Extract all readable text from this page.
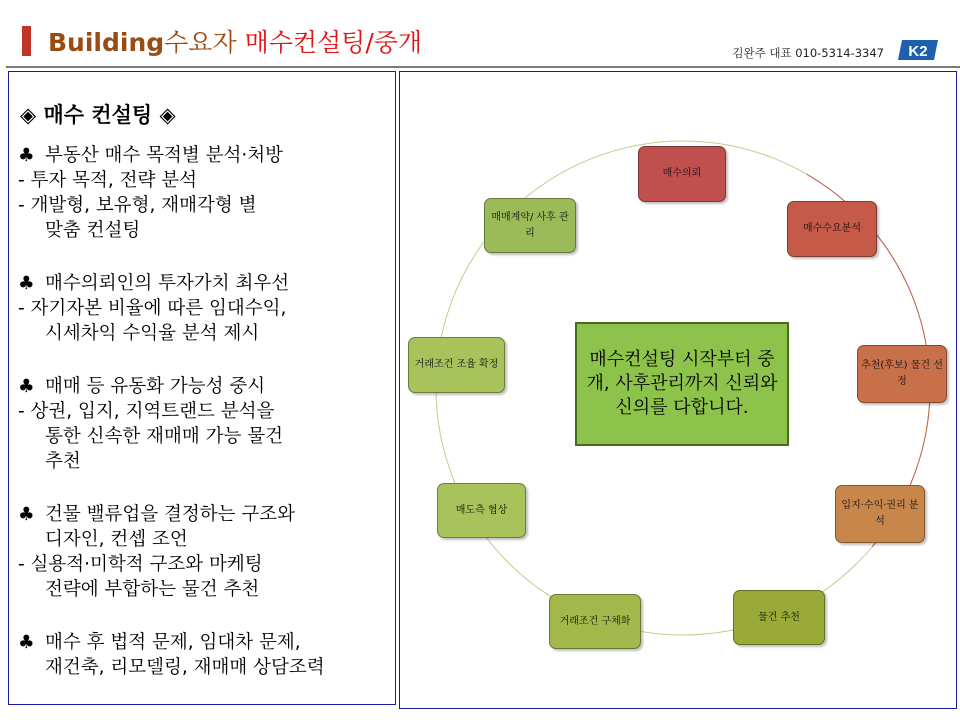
Building수요자 매수컨설팅/중개	김완주 대표 010-5314-3347 K2
◈ 매수 컨설팅 ◈
♣ 부동산 매수 목적별 분석·처방
- 투자 목적, 전략 분석
- 개발형, 보유형, 재매각형 별
맞춤 컨설팅
♣ 매수의뢰인의 투자가치 최우선
- 자기자본 비율에 따른 임대수익,
시세차익 수익율 분석 제시
♣ 매매 등 유동화 가능성 중시
- 상권, 입지, 지역트랜드 분석을
통한 신속한 재매매 가능 물건
추천
♣ 건물 밸류업을 결정하는 구조와
디자인, 컨셉 조언
- 실용적·미학적 구조와 마케팅
전략에 부합하는 물건 추천
♣ 매수 후 법적 문제, 임대차 문제,
재건축, 리모델링, 재매매 상담조력
매수의뢰
매수수요분석
추천(후보) 물건 선정
입지·수익·권리 분석
물건 추천
거래조건 구체화
매도측 협상
거래조건 조율 확정
매매계약/ 사후 관리
매수컨설팅 시작부터 중개, 사후관리까지 신뢰와 신의를 다합니다.
